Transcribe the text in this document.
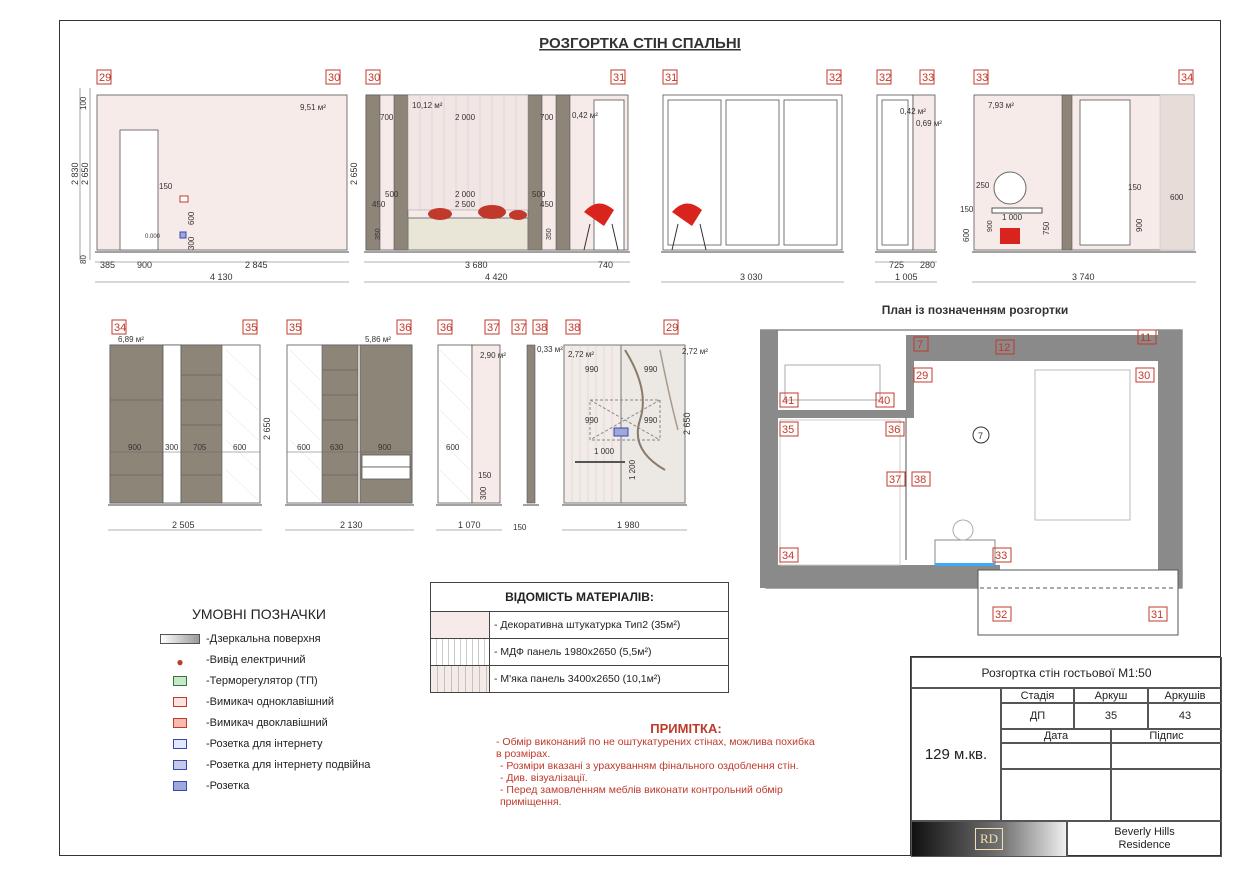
РОЗГОРТКА СТІН СПАЛЬНІ
29	30
9,51 м²
150
600
300
0.000
385 900	2 845
4 130
100
2 830 2 650
80
30	31
10,12 м²
0,42 м²
700	2 000	700
500	2 000	500
450	2 500	450
2 650
350	350
3 680	740
4 420
31	32
3 030
32	33
0,42 м²
0,69 м²
725 280
1 005
33	34
7,93 м²
250	150
150
600
1 000
900	750
600
900
3 740
34	35
6,89 м²
900	300 705	600
2 650
2 505
35	36
5,86 м²
600 630	900
2 130
36	37
2,90 м²
600
150
300
1 070
37 38
0,33 м²
150
38	29
2,72 м²	2,72 м²
990	990
990	990
1 000
1 200
2 650
1 980
План із позначенням розгортки
7
7	12
11
29	30
41	40
35	36
37 38
34	33
32	31
УМОВНІ ПОЗНАЧКИ
-Дзеркальна поверхня
●	-Вивід електричний
-Терморегулятор (ТП)
-Вимикач одноклавішний
-Вимикач двоклавішний
-Розетка для інтернету
-Розетка для інтернету подвійна
-Розетка
ВІДОМІСТЬ МАТЕРІАЛІВ:
- Декоративна штукатурка Тип2 (35м²)
- МДФ панель 1980х2650 (5,5м²)
- М'яка панель 3400х2650 (10,1м²)
ПРИМІТКА:
- Обмір виконаний по не оштукатурених стінах, можлива похибка в розмірах.
- Розміри вказані з урахуванням фінального оздоблення стін.
- Див. візуалізації.
- Перед замовленням меблів виконати контрольний обмір приміщення.
Розгортка стін гостьової М1:50
129 м.кв.
Стадія	Аркуш	Аркушів
ДП	35	43
Дата	Підпис
RD	Beverly Hills
Residence
